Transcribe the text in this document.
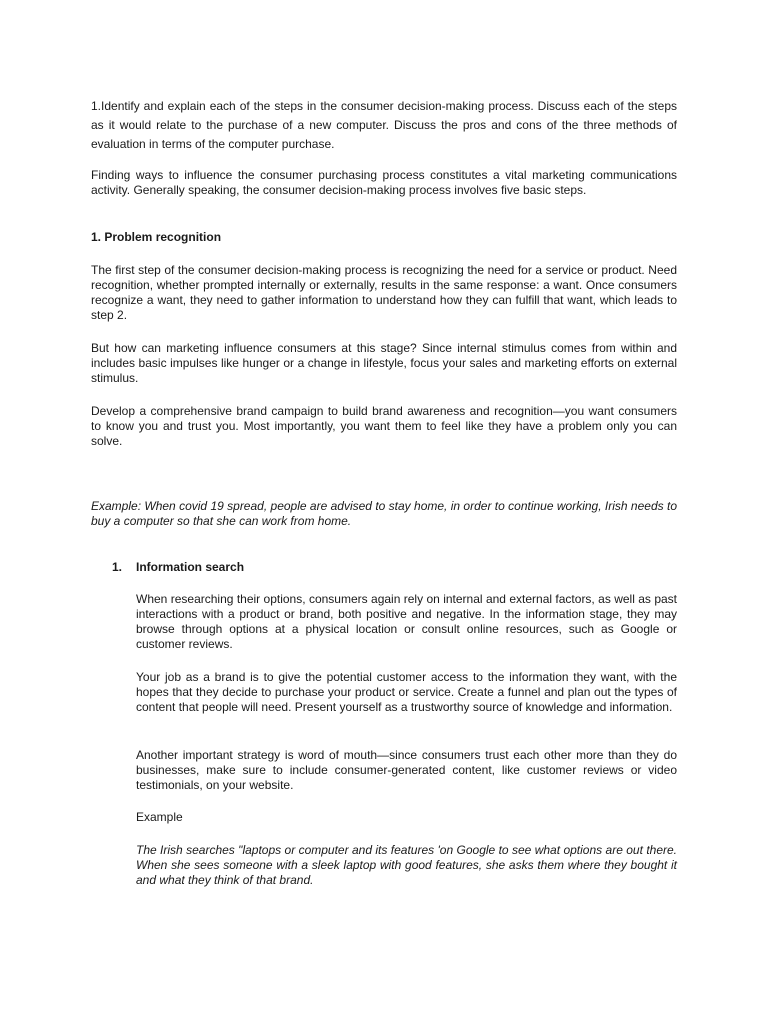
1.Identify and explain each of the steps in the consumer decision-making process. Discuss each of the steps as it would relate to the purchase of a new computer. Discuss the pros and cons of the three methods of evaluation in terms of the computer purchase.

Finding ways to influence the consumer purchasing process constitutes a vital marketing communications activity. Generally speaking, the consumer decision-making process involves five basic steps.

1. Problem recognition

The first step of the consumer decision-making process is recognizing the need for a service or product. Need recognition, whether prompted internally or externally, results in the same response: a want. Once consumers recognize a want, they need to gather information to understand how they can fulfill that want, which leads to step 2.

But how can marketing influence consumers at this stage? Since internal stimulus comes from within and includes basic impulses like hunger or a change in lifestyle, focus your sales and marketing efforts on external stimulus.

Develop a comprehensive brand campaign to build brand awareness and recognition—you want consumers to know you and trust you. Most importantly, you want them to feel like they have a problem only you can solve.

Example: When covid 19 spread, people are advised to stay home, in order to continue working, Irish needs to buy a computer so that she can work from home.

1. Information search

When researching their options, consumers again rely on internal and external factors, as well as past interactions with a product or brand, both positive and negative. In the information stage, they may browse through options at a physical location or consult online resources, such as Google or customer reviews.

Your job as a brand is to give the potential customer access to the information they want, with the hopes that they decide to purchase your product or service. Create a funnel and plan out the types of content that people will need. Present yourself as a trustworthy source of knowledge and information.

Another important strategy is word of mouth—since consumers trust each other more than they do businesses, make sure to include consumer-generated content, like customer reviews or video testimonials, on your website.

Example

The Irish searches "laptops or computer and its features 'on Google to see what options are out there. When she sees someone with a sleek laptop with good features, she asks them where they bought it and what they think of that brand.
